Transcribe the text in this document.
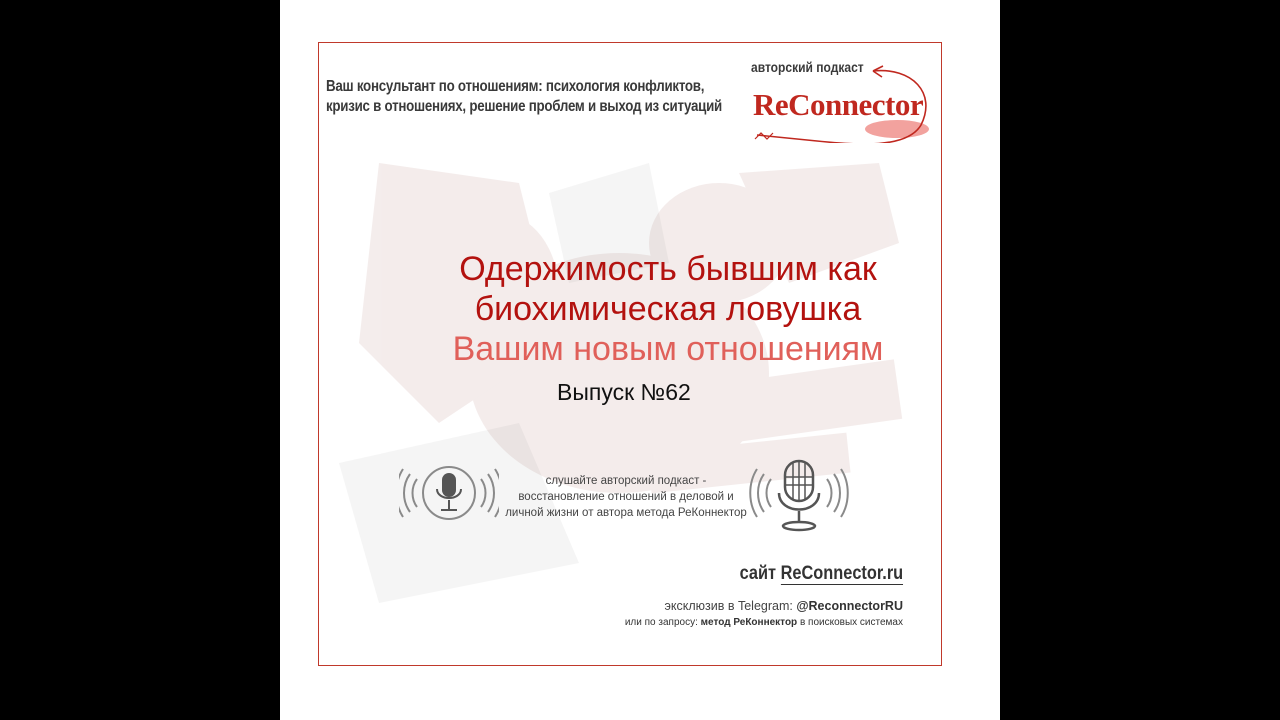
Ваш консультант по отношениям: психология конфликтов,
кризис в отношениях, решение проблем и выход из ситуаций
авторский подкаст
ReConnector
Одержимость бывшим как
биохимическая ловушка
Вашим новым отношениям
Выпуск №62
слушайте авторский подкаст -
восстановление отношений в деловой и
личной жизни от автора метода РеКоннектор
сайт ReConnector.ru
эксклюзив в Telegram: @ReconnectorRU
или по запросу: метод РеКоннектор в поисковых системах
